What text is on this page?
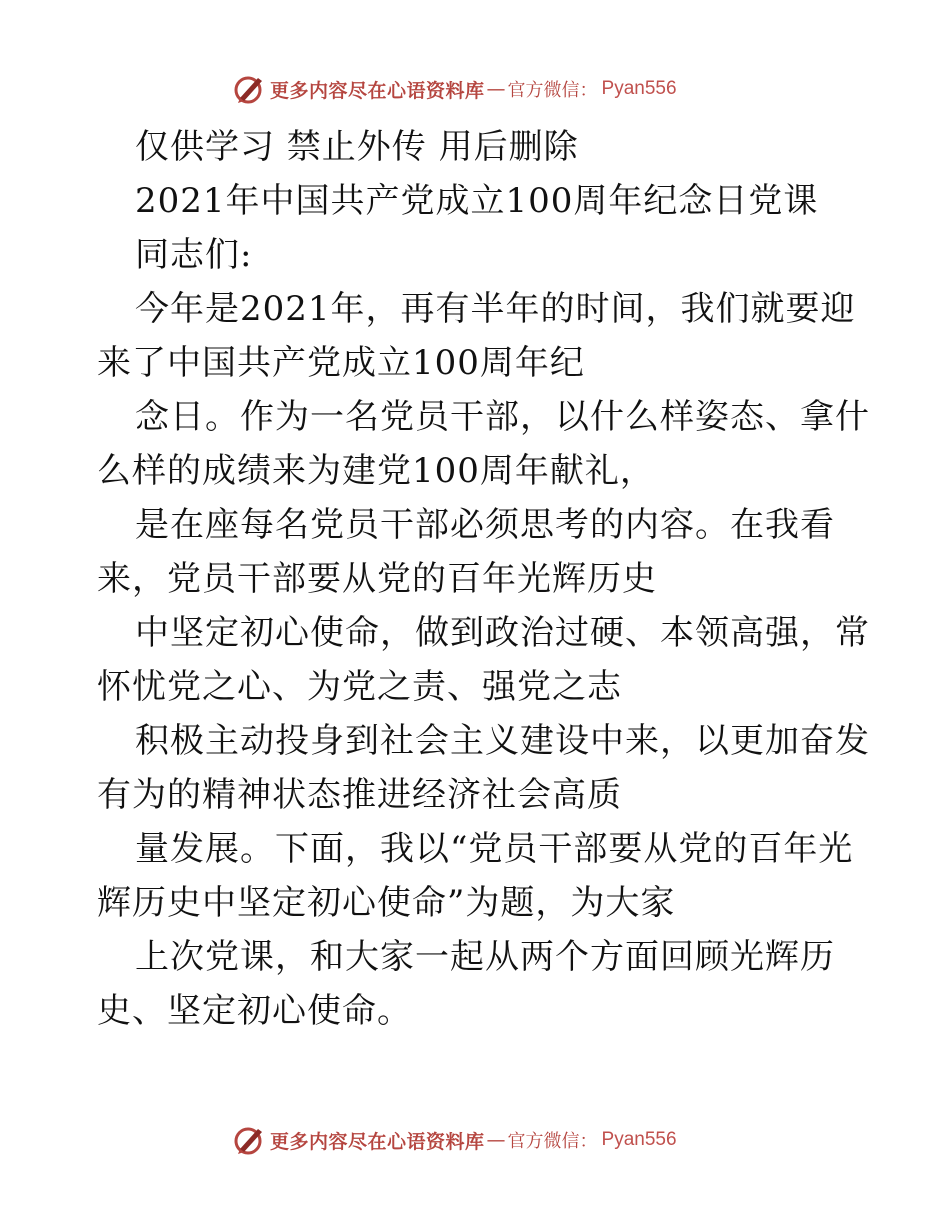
更多内容尽在心语资料库 — 官方微信： Pyan556
仅供学习 禁止外传 用后删除
2021年中国共产党成立100周年纪念日党课
同志们:
今年是2021年，再有半年的时间，我们就要迎
来了中国共产党成立100周年纪
念日。作为一名党员干部，以什么样姿态、拿什
么样的成绩来为建党100周年献礼，
是在座每名党员干部必须思考的内容。在我看
来，党员干部要从党的百年光辉历史
中坚定初心使命，做到政治过硬、本领高强，常
怀忧党之心、为党之责、强党之志
积极主动投身到社会主义建设中来，以更加奋发
有为的精神状态推进经济社会高质
量发展。下面，我以“党员干部要从党的百年光
辉历史中坚定初心使命”为题，为大家
上次党课，和大家一起从两个方面回顾光辉历
史、坚定初心使命。
更多内容尽在心语资料库 — 官方微信： Pyan556
